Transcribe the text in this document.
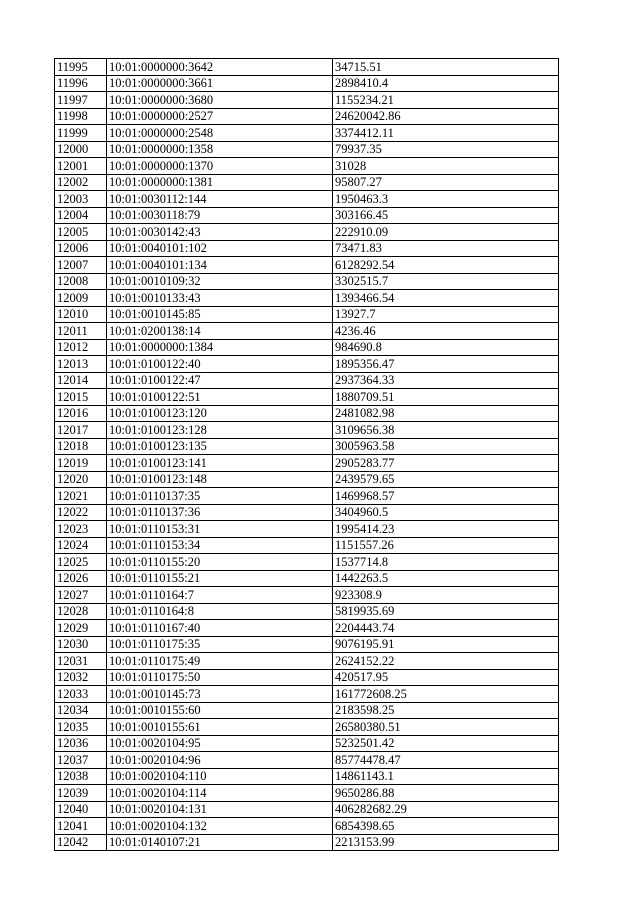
11995	10:01:0000000:3642	34715.51
11996	10:01:0000000:3661	2898410.4
11997	10:01:0000000:3680	1155234.21
11998	10:01:0000000:2527	24620042.86
11999	10:01:0000000:2548	3374412.11
12000	10:01:0000000:1358	79937.35
12001	10:01:0000000:1370	31028
12002	10:01:0000000:1381	95807.27
12003	10:01:0030112:144	1950463.3
12004	10:01:0030118:79	303166.45
12005	10:01:0030142:43	222910.09
12006	10:01:0040101:102	73471.83
12007	10:01:0040101:134	6128292.54
12008	10:01:0010109:32	3302515.7
12009	10:01:0010133:43	1393466.54
12010	10:01:0010145:85	13927.7
12011	10:01:0200138:14	4236.46
12012	10:01:0000000:1384	984690.8
12013	10:01:0100122:40	1895356.47
12014	10:01:0100122:47	2937364.33
12015	10:01:0100122:51	1880709.51
12016	10:01:0100123:120	2481082.98
12017	10:01:0100123:128	3109656.38
12018	10:01:0100123:135	3005963.58
12019	10:01:0100123:141	2905283.77
12020	10:01:0100123:148	2439579.65
12021	10:01:0110137:35	1469968.57
12022	10:01:0110137:36	3404960.5
12023	10:01:0110153:31	1995414.23
12024	10:01:0110153:34	1151557.26
12025	10:01:0110155:20	1537714.8
12026	10:01:0110155:21	1442263.5
12027	10:01:0110164:7	923308.9
12028	10:01:0110164:8	5819935.69
12029	10:01:0110167:40	2204443.74
12030	10:01:0110175:35	9076195.91
12031	10:01:0110175:49	2624152.22
12032	10:01:0110175:50	420517.95
12033	10:01:0010145:73	161772608.25
12034	10:01:0010155:60	2183598.25
12035	10:01:0010155:61	26580380.51
12036	10:01:0020104:95	5232501.42
12037	10:01:0020104:96	85774478.47
12038	10:01:0020104:110	14861143.1
12039	10:01:0020104:114	9650286.88
12040	10:01:0020104:131	406282682.29
12041	10:01:0020104:132	6854398.65
12042	10:01:0140107:21	2213153.99
